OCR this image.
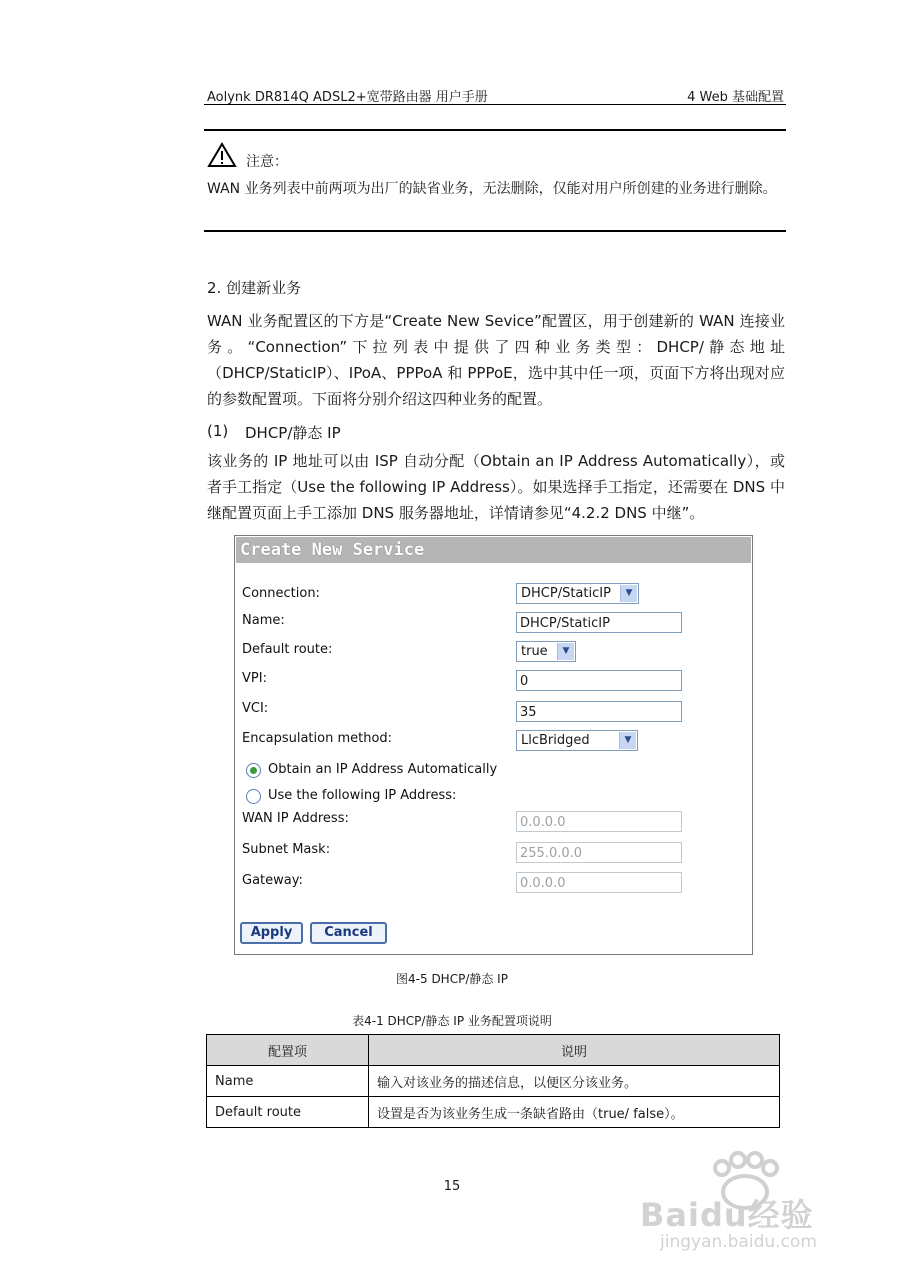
Aolynk DR814Q ADSL2+宽带路由器 用户手册	4 Web 基础配置
注意：
WAN 业务列表中前两项为出厂的缺省业务，无法删除，仅能对用户所创建的业务进行删除。
2. 创建新业务
WAN 业务配置区的下方是“Create New Sevice”配置区，用于创建新的 WAN 连接业务。“Connection”下拉列表中提供了四种业务类型：DHCP/静态地址（DHCP/StaticIP）、IPoA、PPPoA 和 PPPoE，选中其中任一项，页面下方将出现对应的参数配置项。下面将分别介绍这四种业务的配置。
(1) DHCP/静态 IP
该业务的 IP 地址可以由 ISP 自动分配（Obtain an IP Address Automatically），或者手工指定（Use the following IP Address）。如果选择手工指定，还需要在 DNS 中继配置页面上手工添加 DNS 服务器地址，详情请参见“4.2.2 DNS 中继”。
Create New Service
Connection:	DHCP/StaticIP	▼
Name:	DHCP/StaticIP
Default route:	true	▼
VPI:	0
VCI:	35
Encapsulation method:	LlcBridged	▼
Obtain an IP Address Automatically
Use the following IP Address:
WAN IP Address:	0.0.0.0
Subnet Mask:	255.0.0.0
Gateway:	0.0.0.0
Apply	Cancel
图4-5 DHCP/静态 IP
表4-1 DHCP/静态 IP 业务配置项说明
配置项	说明
Name	输入对该业务的描述信息，以便区分该业务。
Default route	设置是否为该业务生成一条缺省路由（true/ false）。
15
Baidu经验
jingyan.baidu.com
